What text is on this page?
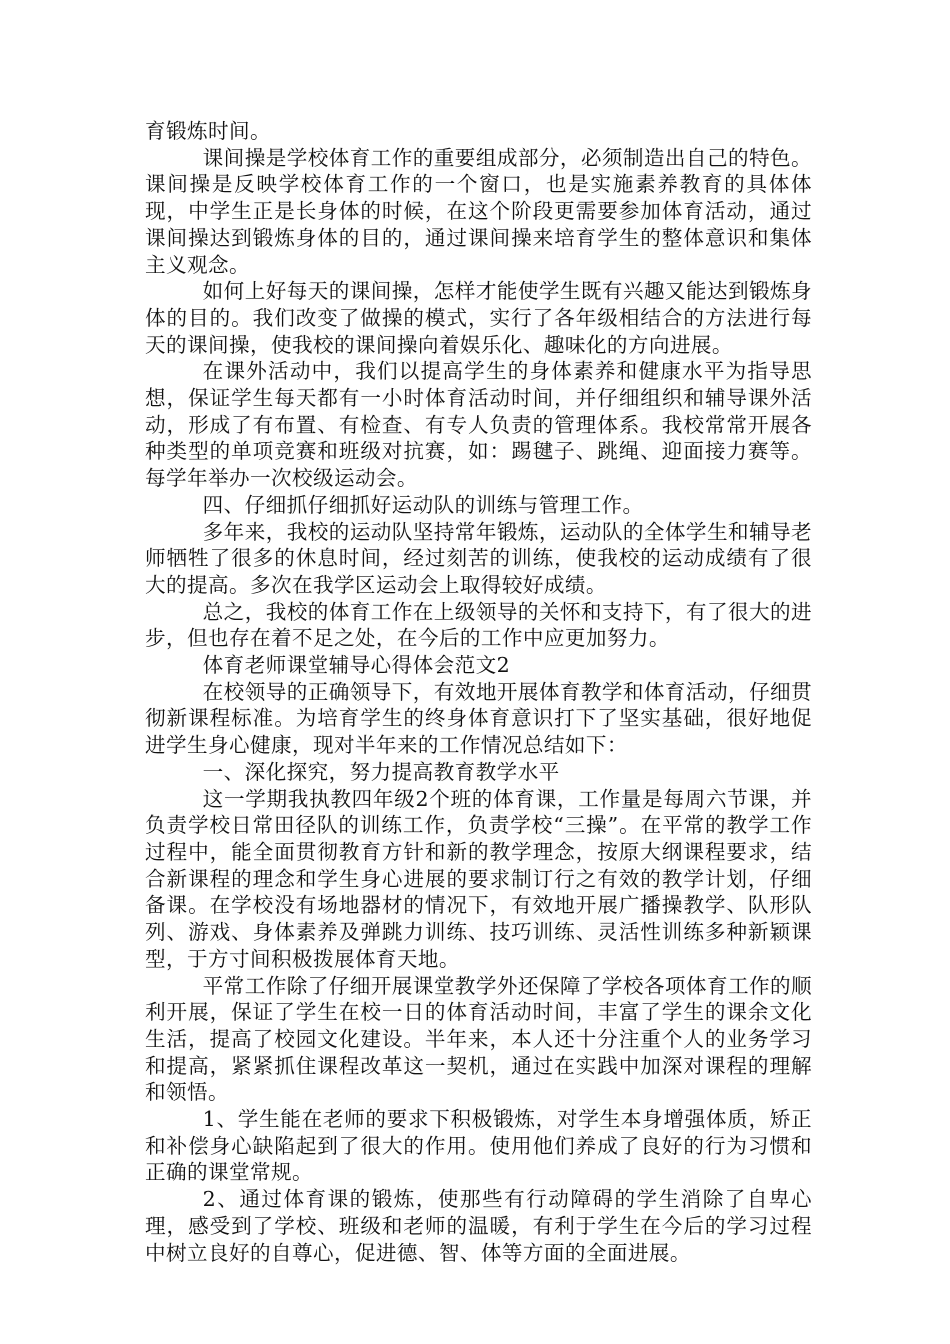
育锻炼时间。

课间操是学校体育工作的重要组成部分，必须制造出自己的特色。课间操是反映学校体育工作的一个窗口，也是实施素养教育的具体体现，中学生正是长身体的时候，在这个阶段更需要参加体育活动，通过课间操达到锻炼身体的目的，通过课间操来培育学生的整体意识和集体主义观念。

如何上好每天的课间操，怎样才能使学生既有兴趣又能达到锻炼身体的目的。我们改变了做操的模式，实行了各年级相结合的方法进行每天的课间操，使我校的课间操向着娱乐化、趣味化的方向进展。

在课外活动中，我们以提高学生的身体素养和健康水平为指导思想，保证学生每天都有一小时体育活动时间，并仔细组织和辅导课外活动，形成了有布置、有检查、有专人负责的管理体系。我校常常开展各种类型的单项竞赛和班级对抗赛，如：踢毽子、跳绳、迎面接力赛等。每学年举办一次校级运动会。

四、仔细抓仔细抓好运动队的训练与管理工作。

多年来，我校的运动队坚持常年锻炼，运动队的全体学生和辅导老师牺牲了很多的休息时间，经过刻苦的训练，使我校的运动成绩有了很大的提高。多次在我学区运动会上取得较好成绩。

总之，我校的体育工作在上级领导的关怀和支持下，有了很大的进步，但也存在着不足之处，在今后的工作中应更加努力。

体育老师课堂辅导心得体会范文2

在校领导的正确领导下，有效地开展体育教学和体育活动，仔细贯彻新课程标准。为培育学生的终身体育意识打下了坚实基础，很好地促进学生身心健康，现对半年来的工作情况总结如下：

一、深化探究，努力提高教育教学水平

这一学期我执教四年级2个班的体育课，工作量是每周六节课，并负责学校日常田径队的训练工作，负责学校“三操”。在平常的教学工作过程中，能全面贯彻教育方针和新的教学理念，按原大纲课程要求，结合新课程的理念和学生身心进展的要求制订行之有效的教学计划，仔细备课。在学校没有场地器材的情况下，有效地开展广播操教学、队形队列、游戏、身体素养及弹跳力训练、技巧训练、灵活性训练多种新颖课型，于方寸间积极拨展体育天地。

平常工作除了仔细开展课堂教学外还保障了学校各项体育工作的顺利开展，保证了学生在校一日的体育活动时间，丰富了学生的课余文化生活，提高了校园文化建设。半年来，本人还十分注重个人的业务学习和提高，紧紧抓住课程改革这一契机，通过在实践中加深对课程的理解和领悟。

1、学生能在老师的要求下积极锻炼，对学生本身增强体质，矫正和补偿身心缺陷起到了很大的作用。使用他们养成了良好的行为习惯和正确的课堂常规。

2、通过体育课的锻炼，使那些有行动障碍的学生消除了自卑心理，感受到了学校、班级和老师的温暖，有利于学生在今后的学习过程中树立良好的自尊心，促进德、智、体等方面的全面进展。
